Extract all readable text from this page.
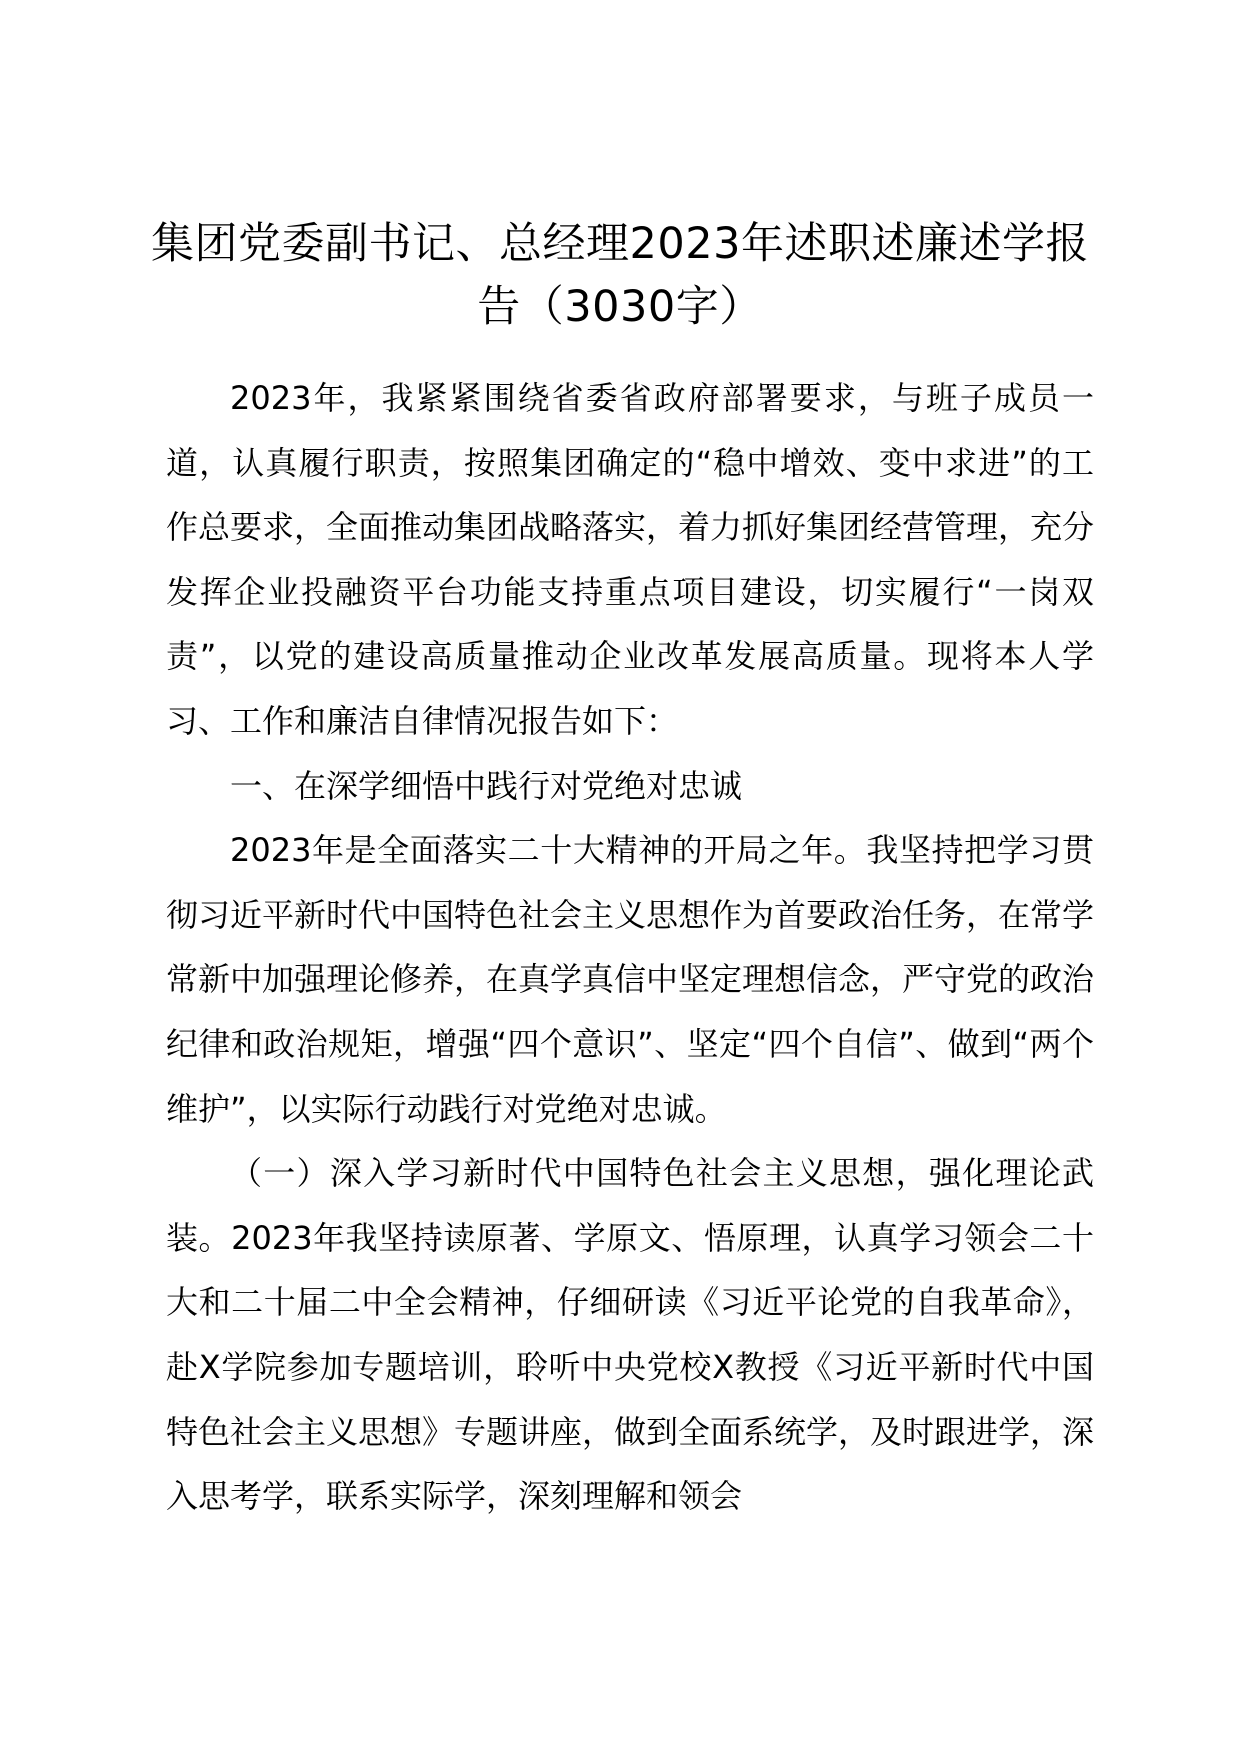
集团党委副书记、总经理2023年述职述廉述学报告（3030字）

2023年，我紧紧围绕省委省政府部署要求，与班子成员一道，认真履行职责，按照集团确定的“稳中增效、变中求进”的工作总要求，全面推动集团战略落实，着力抓好集团经营管理，充分发挥企业投融资平台功能支持重点项目建设，切实履行“一岗双责”，以党的建设高质量推动企业改革发展高质量。现将本人学习、工作和廉洁自律情况报告如下：

一、在深学细悟中践行对党绝对忠诚

2023年是全面落实二十大精神的开局之年。我坚持把学习贯彻习近平新时代中国特色社会主义思想作为首要政治任务，在常学常新中加强理论修养，在真学真信中坚定理想信念，严守党的政治纪律和政治规矩，增强“四个意识”、坚定“四个自信”、做到“两个维护”，以实际行动践行对党绝对忠诚。

（一）深入学习新时代中国特色社会主义思想，强化理论武装。2023年我坚持读原著、学原文、悟原理，认真学习领会二十大和二十届二中全会精神，仔细研读《习近平论党的自我革命》，赴X学院参加专题培训，聆听中央党校X教授《习近平新时代中国特色社会主义思想》专题讲座，做到全面系统学，及时跟进学，深入思考学，联系实际学，深刻理解和领会
